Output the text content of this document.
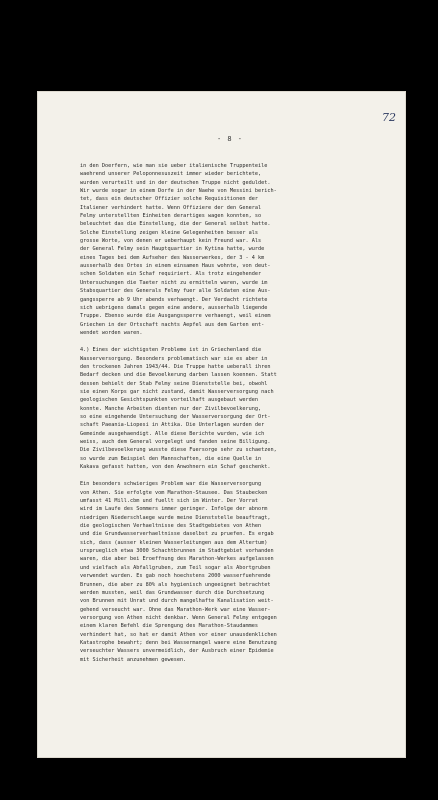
72
- 8 -
in den Doerfern, wie man sie ueber italienische Truppenteile
waehrend unserer Peloponnesuszeit immer wieder berichtete,
wurden verurteilt und in der deutschen Truppe nicht geduldet.
Wir wurde sogar in einem Dorfe in der Naehe von Messini berich-
tet, dass ein deutscher Offizier solche Requisitionen der
Italiener verhindert hatte. Wenn Offiziere der den General
Felmy unterstellten Einheiten derartiges wagen konnten, so
beleuchtet das die Einstellung, die der General selbst hatte.
Solche Einstellung zeigen kleine Gelegenheiten besser als
grosse Worte, von denen er ueberhaupt kein Freund war. Als
der General Felmy sein Hauptquartier in Kytina hatte, wurde
eines Tages bei dem Aufseher des Wasserwerkes, der 3 - 4 km
ausserhalb des Ortes in einem einsamen Haus wohnte, von deut-
schen Soldaten ein Schaf requiriert. Als trotz eingehender
Untersuchungen die Taeter nicht zu ermitteln waren, wurde im
Stabsquartier des Generals Felmy fuer alle Soldaten eine Aus-
gangssperre ab 9 Uhr abends verhaengt. Der Verdacht richtete
sich uebrigens damals gegen eine andere, ausserhalb liegende
Truppe. Ebenso wurde die Ausgangssperre verhaengt, weil einem
Griechen in der Ortschaft nachts Aepfel aus dem Garten ent-
wendet worden waren.
4.) Eines der wichtigsten Probleme ist in Griechenland die
Wasserversorgung. Besonders problematisch war sie es aber in
den trockenen Jahren 1943/44. Die Truppe hatte ueberall ihren
Bedarf decken und die Bevoelkerung darben lassen koennen. Statt
dessen behielt der Stab Felmy seine Dienststelle bei, obwohl
sie einen Korps gar nicht zustand, damit Wasserversorgung nach
geologischen Gesichtspunkten vorteilhaft ausgebaut werden
konnte. Manche Arbeiten dienten nur der Zivilbevoelkerung,
so eine eingehende Untersuchung der Wasserversorgung der Ort-
schaft Paeania-Liopesi in Attika. Die Unterlagen wurden der
Gemeinde ausgehaendigt. Alle diese Berichte wurden, wie ich
weiss, auch dem General vorgelegt und fanden seine Billigung.
Die Zivilbevoelkerung wusste diese Fuersorge sehr zu schaetzen,
so wurde zum Beispiel den Mannschaften, die eine Quelle in
Kakava gefasst hatten, von den Anwohnern ein Schaf geschenkt.
Ein besonders schwieriges Problem war die Wasserversorgung
von Athen. Sie erfolgte vom Marathon-Stausee. Das Staubecken
umfasst 41 Mill.cbm und fuellt sich im Winter. Der Vorrat
wird im Laufe des Sommers immer geringer. Infolge der abnorm
niedrigen Niederschlaege wurde meine Dienststelle beauftragt,
die geologischen Verhaeltnisse des Stadtgebietes von Athen
und die Grundwasserverhaeltnisse daselbst zu pruefen. Es ergab
sich, dass (ausser kleinen Wasserleitungen aus dem Altertum)
ursprueglich etwa 3000 Schachtbrunnen im Stadtgebiet vorhanden
waren, die aber bei Eroeffnung des Marathon-Werkes aufgelassen
und vielfach als Abfallgruben, zum Teil sogar als Abortgruben
verwendet wurden. Es gab noch hoechstens 2000 wasserfuehrende
Brunnen, die aber zu 80% als hygienisch ungeeignet betrachtet
werden mussten, weil das Grundwasser durch die Durchsetzung
von Brunnen mit Unrat und durch mangelhafte Kanalisation weit-
gehend verseucht war. Ohne das Marathon-Werk war eine Wasser-
versorgung von Athen nicht denkbar. Wenn General Felmy entgegen
einem klaren Befehl die Sprengung des Marathon-Staudammes
verhindert hat, so hat er damit Athen vor einer unausdenklichen
Katastrophe bewahrt; denn bei Wassermangel waere eine Benutzung
verseuchter Wassers unvermeidlich, der Ausbruch einer Epidemie
mit Sicherheit anzunehmen gewesen.
